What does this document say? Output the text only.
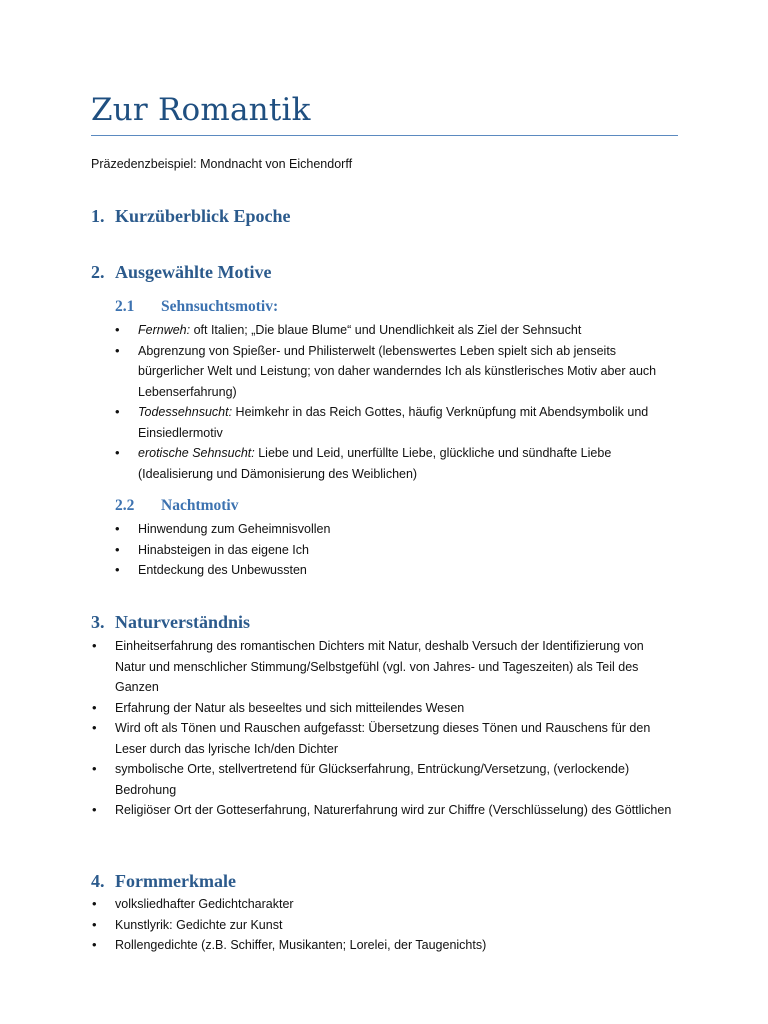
Zur Romantik
Präzedenzbeispiel: Mondnacht von Eichendorff
1. Kurzüberblick Epoche
2. Ausgewählte Motive
2.1 Sehnsuchtsmotiv:
• Fernweh: oft Italien; „Die blaue Blume“ und Unendlichkeit als Ziel der Sehnsucht
• Abgrenzung von Spießer- und Philisterwelt (lebenswertes Leben spielt sich ab jenseits bürgerlicher Welt und Leistung; von daher wanderndes Ich als künstlerisches Motiv aber auch Lebenserfahrung)
• Todessehnsucht: Heimkehr in das Reich Gottes, häufig Verknüpfung mit Abendsymbolik und Einsiedlermotiv
• erotische Sehnsucht: Liebe und Leid, unerfüllte Liebe, glückliche und sündhafte Liebe (Idealisierung und Dämonisierung des Weiblichen)
2.2 Nachtmotiv
• Hinwendung zum Geheimnisvollen
• Hinabsteigen in das eigene Ich
• Entdeckung des Unbewussten
3. Naturverständnis
• Einheitserfahrung des romantischen Dichters mit Natur, deshalb Versuch der Identifizierung von Natur und menschlicher Stimmung/Selbstgefühl (vgl. von Jahres- und Tageszeiten) als Teil des Ganzen
• Erfahrung der Natur als beseeltes und sich mitteilendes Wesen
• Wird oft als Tönen und Rauschen aufgefasst: Übersetzung dieses Tönen und Rauschens für den Leser durch das lyrische Ich/den Dichter
• symbolische Orte, stellvertretend für Glückserfahrung, Entrückung/Versetzung, (verlockende) Bedrohung
• Religiöser Ort der Gotteserfahrung, Naturerfahrung wird zur Chiffre (Verschlüsselung) des Göttlichen
4. Formmerkmale
• volksliedhafter Gedichtcharakter
• Kunstlyrik: Gedichte zur Kunst
• Rollengedichte (z.B. Schiffer, Musikanten; Lorelei, der Taugenichts)
